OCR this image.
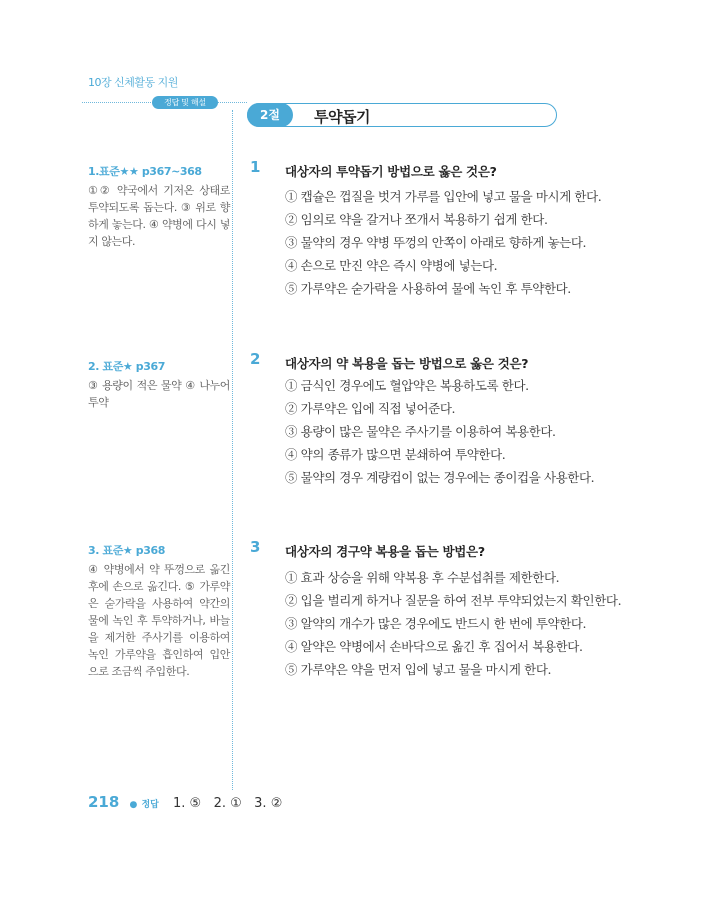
10장 신체활동 지원
정답 및 해설
2절	투약돕기
1.표준★★ p367~368
①② 약국에서 기저온 상태로 투약되도록 돕는다. ③ 위로 향하게 놓는다. ④ 약병에 다시 넣지 않는다.
2. 표준★ p367
③ 용량이 적은 물약 ④ 나누어 투약
3. 표준★ p368
④ 약병에서 약 뚜껑으로 옮긴 후에 손으로 옮긴다. ⑤ 가루약은 숟가락을 사용하여 약간의 물에 녹인 후 투약하거나, 바늘을 제거한 주사기를 이용하여 녹인 가루약을 흡인하여 입안으로 조금씩 주입한다.
1 대상자의 투약돕기 방법으로 옳은 것은?
① 캡슐은 껍질을 벗겨 가루를 입안에 넣고 물을 마시게 한다.
② 임의로 약을 갈거나 쪼개서 복용하기 쉽게 한다.
③ 물약의 경우 약병 뚜껑의 안쪽이 아래로 향하게 놓는다.
④ 손으로 만진 약은 즉시 약병에 넣는다.
⑤ 가루약은 숟가락을 사용하여 물에 녹인 후 투약한다.
2 대상자의 약 복용을 돕는 방법으로 옳은 것은?
① 금식인 경우에도 혈압약은 복용하도록 한다.
② 가루약은 입에 직접 넣어준다.
③ 용량이 많은 물약은 주사기를 이용하여 복용한다.
④ 약의 종류가 많으면 분쇄하여 투약한다.
⑤ 물약의 경우 계량컵이 없는 경우에는 종이컵을 사용한다.
3 대상자의 경구약 복용을 돕는 방법은?
① 효과 상승을 위해 약복용 후 수분섭취를 제한한다.
② 입을 벌리게 하거나 질문을 하여 전부 투약되었는지 확인한다.
③ 알약의 개수가 많은 경우에도 반드시 한 번에 투약한다.
④ 알약은 약병에서 손바닥으로 옮긴 후 집어서 복용한다.
⑤ 가루약은 약을 먼저 입에 넣고 물을 마시게 한다.
218 ● 정답 1. ⑤   2. ①   3. ②
